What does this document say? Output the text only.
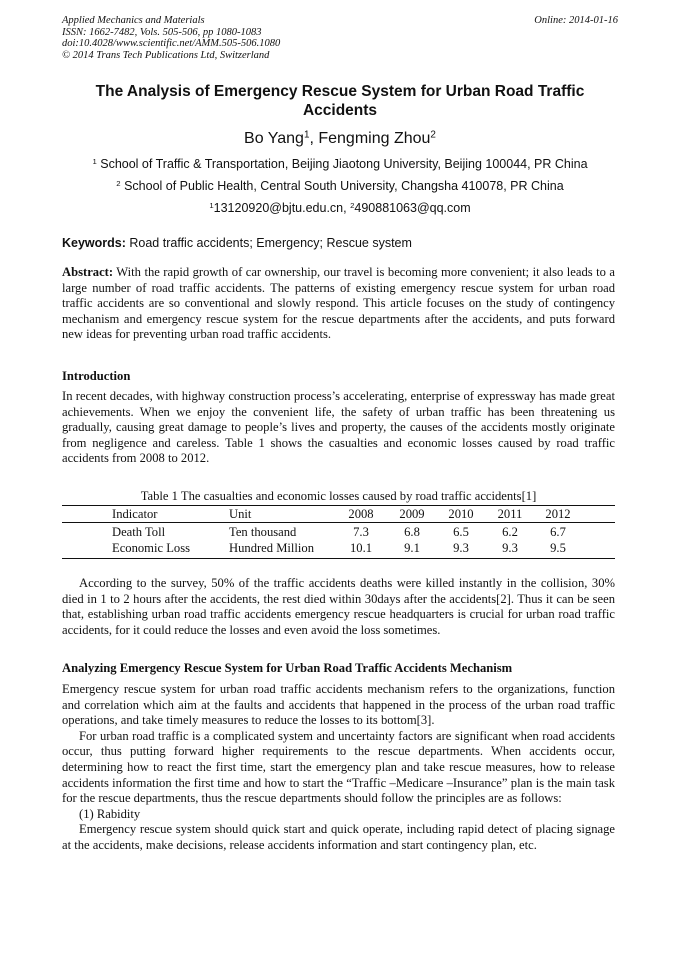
Applied Mechanics and Materials
ISSN: 1662-7482, Vols. 505-506, pp 1080-1083
doi:10.4028/www.scientific.net/AMM.505-506.1080
© 2014 Trans Tech Publications Ltd, Switzerland
Online: 2014-01-16
The Analysis of Emergency Rescue System for Urban Road Traffic
Accidents
Bo Yang$^1$, Fengming Zhou$^2$
$^1$ School of Traffic & Transportation, Beijing Jiaotong University, Beijing 100044, PR China
$^2$ School of Public Health, Central South University, Changsha 410078, PR China
$^1$13120920@bjtu.edu.cn, $^2$490881063@qq.com
Keywords: Road traffic accidents; Emergency; Rescue system

Abstract: With the rapid growth of car ownership, our travel is becoming more convenient; it also leads to a large number of road traffic accidents. The patterns of existing emergency rescue system for urban road traffic accidents are so conventional and slowly respond. This article focuses on the study of contingency mechanism and emergency rescue system for the rescue departments after the accidents, and puts forward new ideas for preventing urban road traffic accidents.

Introduction

In recent decades, with highway construction process’s accelerating, enterprise of expressway has made great achievements. When we enjoy the convenient life, the safety of urban traffic has been threatening us gradually, causing great damage to people’s lives and property, the causes of the accidents mostly originate from negligence and careless. Table 1 shows the casualties and economic losses caused by road traffic accidents from 2008 to 2012.

Table 1 The casualties and economic losses caused by road traffic accidents[1]
Indicator	Unit	2008	2009	2010	2011	2012
Death Toll	Ten thousand	7.3	6.8	6.5	6.2	6.7
Economic Loss	Hundred Million	10.1	9.1	9.3	9.3	9.5

According to the survey, 50% of the traffic accidents deaths were killed instantly in the collision, 30% died in 1 to 2 hours after the accidents, the rest died within 30days after the accidents[2]. Thus it can be seen that, establishing urban road traffic accidents emergency rescue headquarters is crucial for urban road traffic accidents, for it could reduce the losses and even avoid the loss sometimes.

Analyzing Emergency Rescue System for Urban Road Traffic Accidents Mechanism

Emergency rescue system for urban road traffic accidents mechanism refers to the organizations, function and correlation which aim at the faults and accidents that happened in the process of the urban road traffic operations, and take timely measures to reduce the losses to its bottom[3].

For urban road traffic is a complicated system and uncertainty factors are significant when road accidents occur, thus putting forward higher requirements to the rescue departments. When accidents occur, determining how to react the first time, start the emergency plan and take rescue measures, how to release accidents information the first time and how to start the “Traffic –Medicare –Insurance” plan is the main task for the rescue departments, thus the rescue departments should follow the principles are as follows:

(1) Rabidity

Emergency rescue system should quick start and quick operate, including rapid detect of placing signage at the accidents, make decisions, release accidents information and start contingency plan, etc.
